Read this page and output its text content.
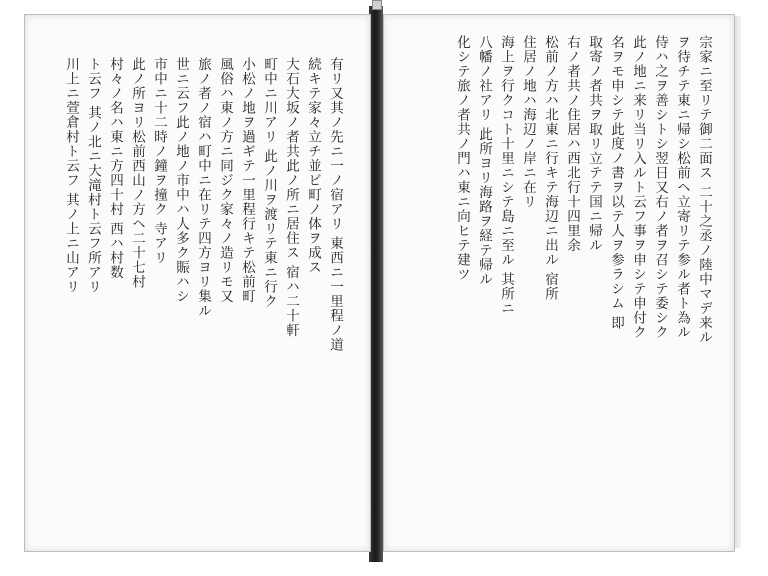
有リ又其ノ先ニ一ノ宿アリ 東西ニ一里程ノ道
続キテ家々立チ並ビ町ノ体ヲ成ス
大石大坂ノ者共此ノ所ニ居住ス 宿ハ二十軒
町中ニ川アリ 此ノ川ヲ渡リテ東ニ行ク
小松ノ地ヲ過ギテ一里程行キテ松前町
風俗ハ東ノ方ニ同ジク家々ノ造リモ又
旅ノ者ノ宿ハ町中ニ在リテ四方ヨリ集ル
世ニ云フ此ノ地ノ市中ハ人多ク賑ハシ
市中ニ十二時ノ鐘ヲ撞ク 寺アリ
此ノ所ヨリ松前西山ノ方ヘ二十七村
村々ノ名ハ東ニ方四十村 西ハ村数
ト云フ 其ノ北ニ大滝村ト云フ所アリ
川上ニ萱倉村ト云フ 其ノ上ニ山アリ	宗家ニ至リテ御二面ス 二十之丞ノ陸中マデ来ル
ヲ待チテ東ニ帰シ松前ヘ立寄リテ参ル者ト為ル
侍ハ之ヲ善シトシ翌日又右ノ者ヲ召シテ委シク
此ノ地ニ来リ当リ入ルト云フ事ヲ申シテ申付ク
名ヲモ申シテ此度ノ書ヲ以テ人ヲ参ラシム 即
取寄ノ者共ヲ取リ立テテ国ニ帰ル
右ノ者共ノ住居ハ西北行十四里余
松前ノ方ハ北東ニ行キテ海辺ニ出ル 宿所
住居ノ地ハ海辺ノ岸ニ在リ
海上ヲ行クコト十里ニシテ島ニ至ル 其所ニ
八幡ノ社アリ 此所ヨリ海路ヲ経テ帰ル
化シテ旅ノ者共ノ門ハ東ニ向ヒテ建ツ
